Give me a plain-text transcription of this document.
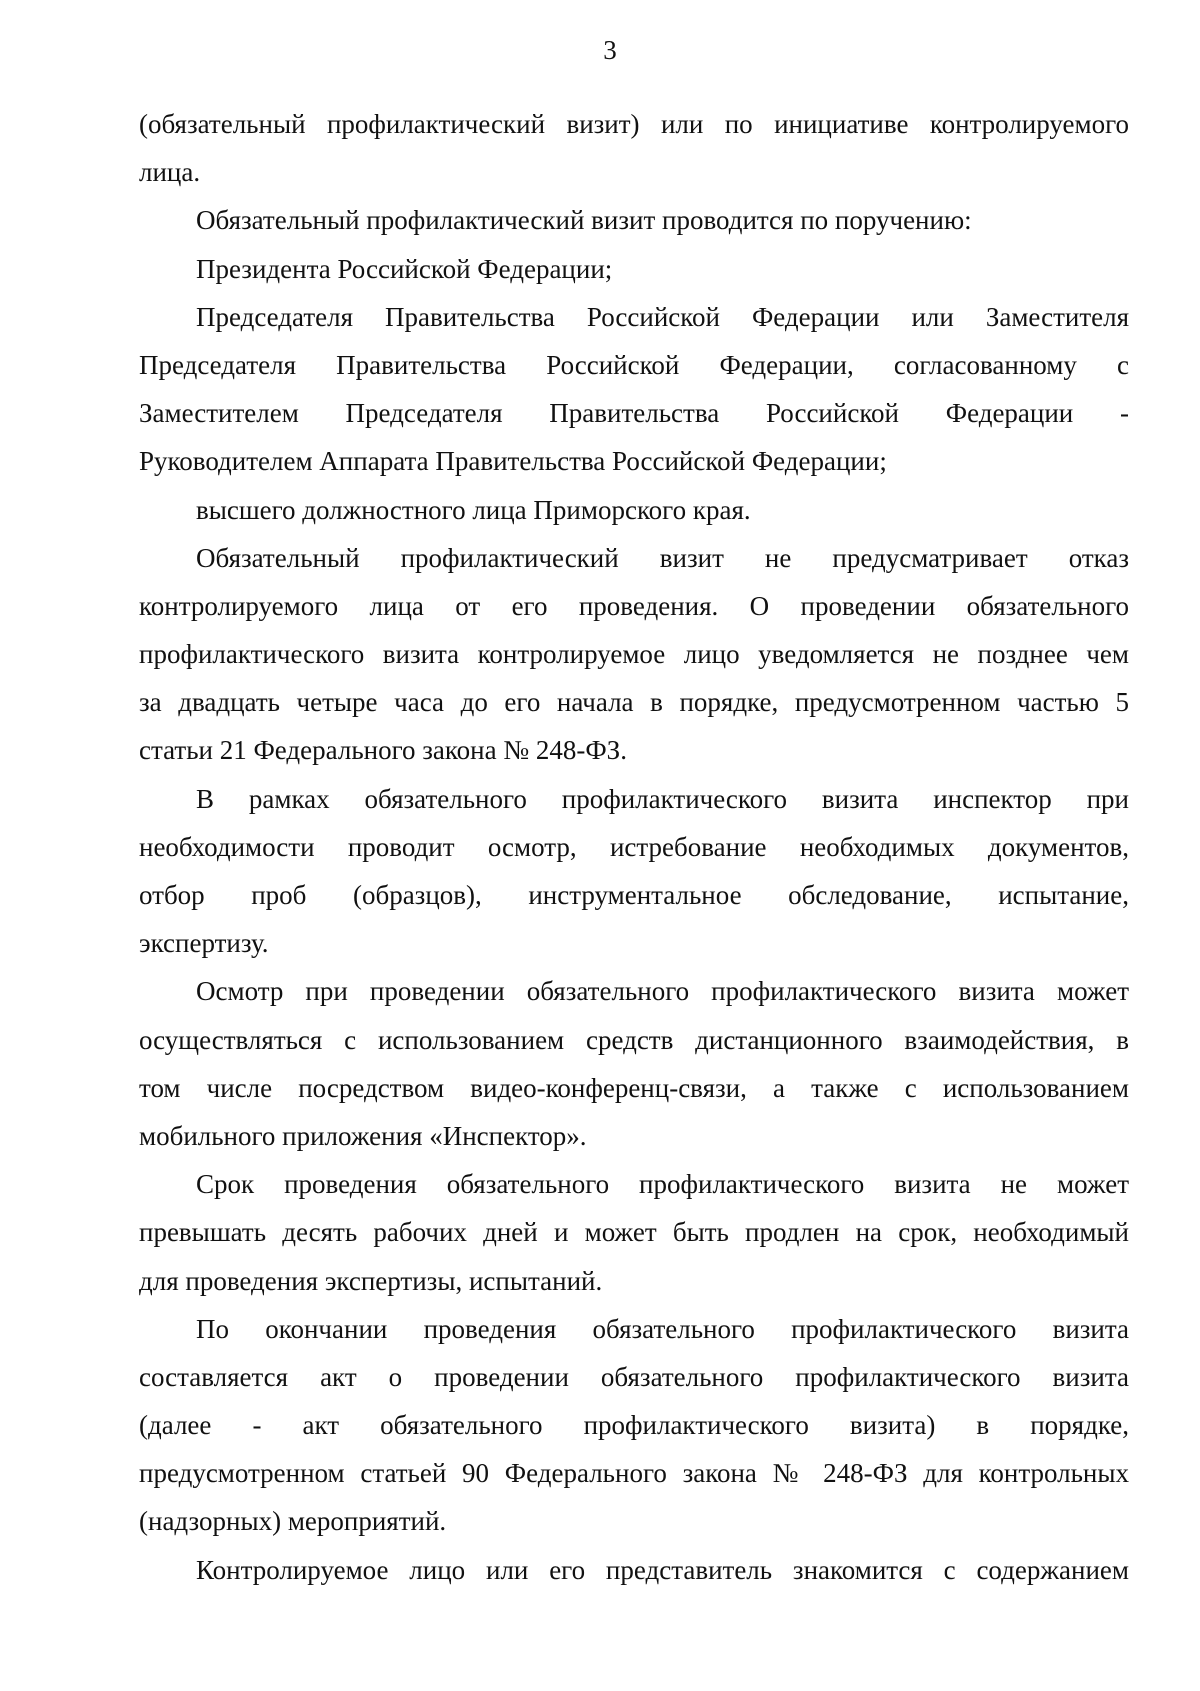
3
(обязательный профилактический визит) или по инициативе контролируемого
лица.
Обязательный профилактический визит проводится по поручению:
Президента Российской Федерации;
Председателя Правительства Российской Федерации или Заместителя
Председателя Правительства Российской Федерации, согласованному с
Заместителем Председателя Правительства Российской Федерации -
Руководителем Аппарата Правительства Российской Федерации;
высшего должностного лица Приморского края.
Обязательный профилактический визит не предусматривает отказ
контролируемого лица от его проведения. О проведении обязательного
профилактического визита контролируемое лицо уведомляется не позднее чем
за двадцать четыре часа до его начала в порядке, предусмотренном частью 5
статьи 21 Федерального закона № 248-ФЗ.
В рамках обязательного профилактического визита инспектор при
необходимости проводит осмотр, истребование необходимых документов,
отбор проб (образцов), инструментальное обследование, испытание,
экспертизу.
Осмотр при проведении обязательного профилактического визита может
осуществляться с использованием средств дистанционного взаимодействия, в
том числе посредством видео-конференц-связи, а также с использованием
мобильного приложения «Инспектор».
Срок проведения обязательного профилактического визита не может
превышать десять рабочих дней и может быть продлен на срок, необходимый
для проведения экспертизы, испытаний.
По окончании проведения обязательного профилактического визита
составляется акт о проведении обязательного профилактического визита
(далее - акт обязательного профилактического визита) в порядке,
предусмотренном статьей 90 Федерального закона № 248-ФЗ для контрольных
(надзорных) мероприятий.
Контролируемое лицо или его представитель знакомится с содержанием
